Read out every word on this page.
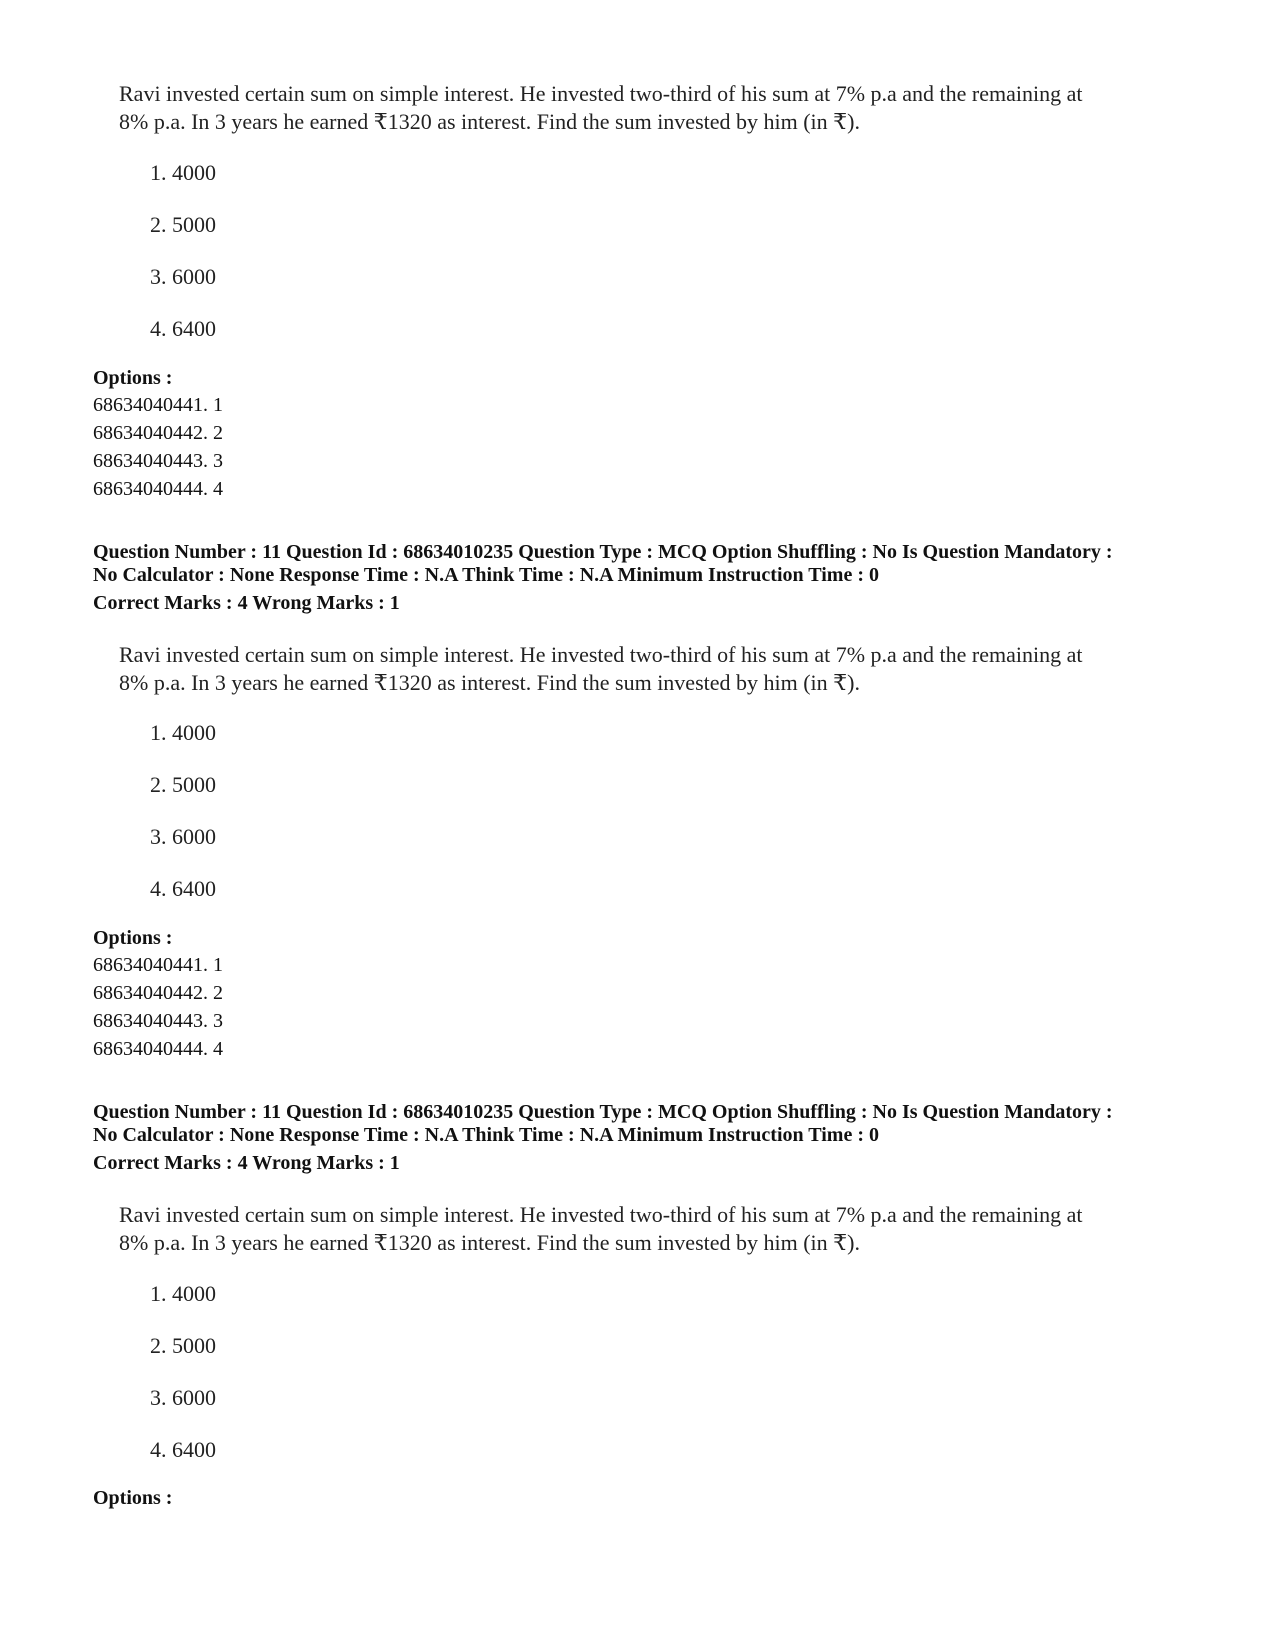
Ravi invested certain sum on simple interest. He invested two-third of his sum at 7% p.a and the remaining at
8% p.a. In 3 years he earned ₹1320 as interest. Find the sum invested by him (in ₹).
1. 4000
2. 5000
3. 6000
4. 6400
Options :
68634040441. 1
68634040442. 2
68634040443. 3
68634040444. 4
Question Number : 11 Question Id : 68634010235 Question Type : MCQ Option Shuffling : No Is Question Mandatory :
No Calculator : None Response Time : N.A Think Time : N.A Minimum Instruction Time : 0
Correct Marks : 4 Wrong Marks : 1
Ravi invested certain sum on simple interest. He invested two-third of his sum at 7% p.a and the remaining at
8% p.a. In 3 years he earned ₹1320 as interest. Find the sum invested by him (in ₹).
1. 4000
2. 5000
3. 6000
4. 6400
Options :
68634040441. 1
68634040442. 2
68634040443. 3
68634040444. 4
Question Number : 11 Question Id : 68634010235 Question Type : MCQ Option Shuffling : No Is Question Mandatory :
No Calculator : None Response Time : N.A Think Time : N.A Minimum Instruction Time : 0
Correct Marks : 4 Wrong Marks : 1
Ravi invested certain sum on simple interest. He invested two-third of his sum at 7% p.a and the remaining at
8% p.a. In 3 years he earned ₹1320 as interest. Find the sum invested by him (in ₹).
1. 4000
2. 5000
3. 6000
4. 6400
Options :
